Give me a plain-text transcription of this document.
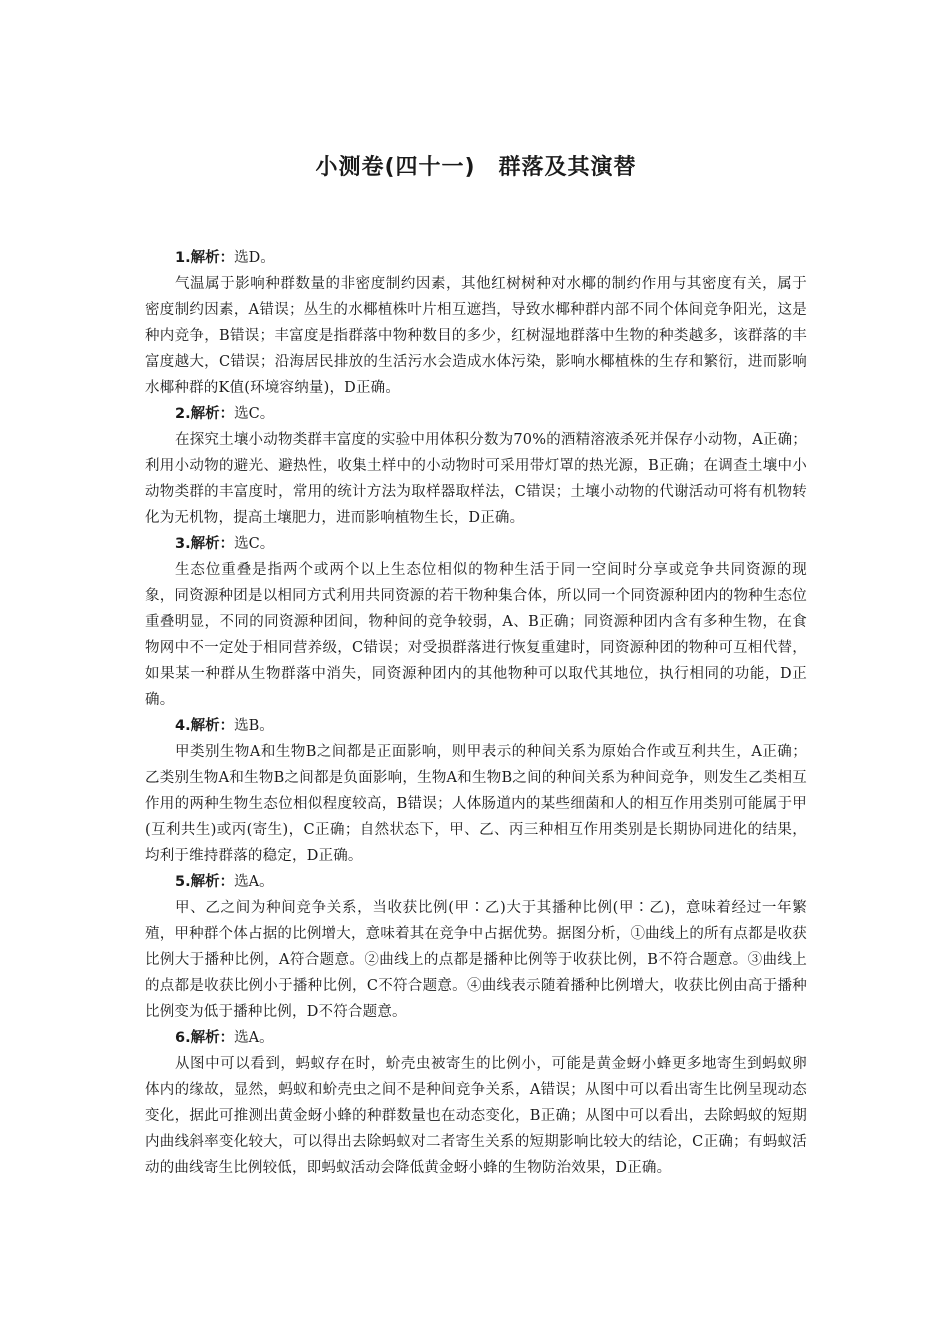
小测卷(四十一)　群落及其演替

1.解析：选D。

气温属于影响种群数量的非密度制约因素，其他红树树种对水椰的制约作用与其密度有关，属于密度制约因素，A错误；丛生的水椰植株叶片相互遮挡，导致水椰种群内部不同个体间竞争阳光，这是种内竞争，B错误；丰富度是指群落中物种数目的多少，红树湿地群落中生物的种类越多，该群落的丰富度越大，C错误；沿海居民排放的生活污水会造成水体污染，影响水椰植株的生存和繁衍，进而影响水椰种群的K值(环境容纳量)，D正确。

2.解析：选C。

在探究土壤小动物类群丰富度的实验中用体积分数为70%的酒精溶液杀死并保存小动物，A正确；利用小动物的避光、避热性，收集土样中的小动物时可采用带灯罩的热光源，B正确；在调查土壤中小动物类群的丰富度时，常用的统计方法为取样器取样法，C错误；土壤小动物的代谢活动可将有机物转化为无机物，提高土壤肥力，进而影响植物生长，D正确。

3.解析：选C。

生态位重叠是指两个或两个以上生态位相似的物种生活于同一空间时分享或竞争共同资源的现象，同资源种团是以相同方式利用共同资源的若干物种集合体，所以同一个同资源种团内的物种生态位重叠明显，不同的同资源种团间，物种间的竞争较弱，A、B正确；同资源种团内含有多种生物，在食物网中不一定处于相同营养级，C错误；对受损群落进行恢复重建时，同资源种团的物种可互相代替，如果某一种群从生物群落中消失，同资源种团内的其他物种可以取代其地位，执行相同的功能，D正确。

4.解析：选B。

甲类别生物A和生物B之间都是正面影响，则甲表示的种间关系为原始合作或互利共生，A正确；乙类别生物A和生物B之间都是负面影响，生物A和生物B之间的种间关系为种间竞争，则发生乙类相互作用的两种生物生态位相似程度较高，B错误；人体肠道内的某些细菌和人的相互作用类别可能属于甲(互利共生)或丙(寄生)，C正确；自然状态下，甲、乙、丙三种相互作用类别是长期协同进化的结果，均利于维持群落的稳定，D正确。

5.解析：选A。

甲、乙之间为种间竞争关系，当收获比例(甲∶乙)大于其播种比例(甲∶乙)，意味着经过一年繁殖，甲种群个体占据的比例增大，意味着其在竞争中占据优势。据图分析，①曲线上的所有点都是收获比例大于播种比例，A符合题意。②曲线上的点都是播种比例等于收获比例，B不符合题意。③曲线上的点都是收获比例小于播种比例，C不符合题意。④曲线表示随着播种比例增大，收获比例由高于播种比例变为低于播种比例，D不符合题意。

6.解析：选A。

从图中可以看到，蚂蚁存在时，蚧壳虫被寄生的比例小，可能是黄金蚜小蜂更多地寄生到蚂蚁卵体内的缘故，显然，蚂蚁和蚧壳虫之间不是种间竞争关系，A错误；从图中可以看出寄生比例呈现动态变化，据此可推测出黄金蚜小蜂的种群数量也在动态变化，B正确；从图中可以看出，去除蚂蚁的短期内曲线斜率变化较大，可以得出去除蚂蚁对二者寄生关系的短期影响比较大的结论，C正确；有蚂蚁活动的曲线寄生比例较低，即蚂蚁活动会降低黄金蚜小蜂的生物防治效果，D正确。
